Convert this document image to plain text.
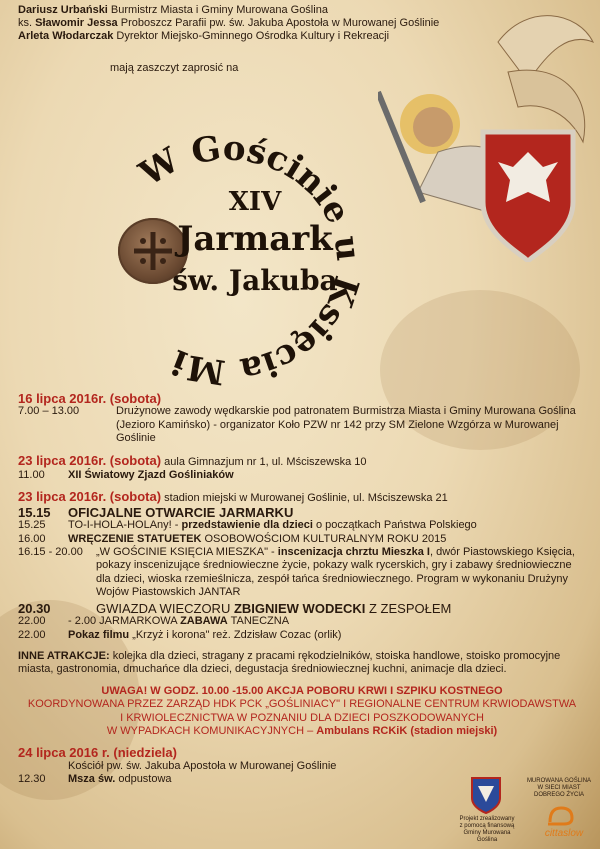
Dariusz Urbański Burmistrz Miasta i Gminy Murowana Goślina
ks. Sławomir Jessa Proboszcz Parafii pw. św. Jakuba Apostoła w Murowanej Goślinie
Arleta Włodarczak Dyrektor Miejsko-Gminnego Ośrodka Kultury i Rekreacji
mają zaszczyt zaprosić na
W Gościnie u Księcia Mi
XIV
Jarmark
św. Jakuba
16 lipca 2016r. (sobota)
7.00 – 13.00	Drużynowe zawody wędkarskie pod patronatem Burmistrza Miasta i Gminy Murowana Goślina (Jezioro Kamińsko) - organizator Koło PZW nr 142 przy SM Zielone Wzgórza w Murowanej Goślinie
23 lipca 2016r. (sobota) aula Gimnazjum nr 1, ul. Mściszewska 10
11.00	XII Światowy Zjazd Gośliniaków
23 lipca 2016r. (sobota) stadion miejski w Murowanej Goślinie, ul. Mściszewska 21
15.15	OFICJALNE OTWARCIE JARMARKU
15.25	TO-I-HOLA-HOLAny! - przedstawienie dla dzieci o początkach Państwa Polskiego
16.00	WRĘCZENIE STATUETEK OSOBOWOŚCIOM KULTURALNYM ROKU 2015
16.15 - 20.00	„W GOŚCINIE KSIĘCIA MIESZKA" - inscenizacja chrztu Mieszka I, dwór Piastowskiego Księcia, pokazy inscenizujące średniowieczne życie, pokazy walk rycerskich, gry i zabawy średniowieczne dla dzieci, wioska rzemieślnicza, zespół tańca średniowiecznego. Program w wykonaniu Drużyny Wojów Piastowskich JANTAR
20.30	GWIAZDA WIECZORU ZBIGNIEW WODECKI Z ZESPOŁEM
22.00	- 2.00 JARMARKOWA ZABAWA TANECZNA
22.00	Pokaz filmu „Krzyż i korona" reż. Zdzisław Cozac (orlik)
INNE ATRAKCJE: kolejka dla dzieci, stragany z pracami rękodzielników, stoiska handlowe, stoisko promocyjne miasta, gastronomia, dmuchańce dla dzieci, degustacja średniowiecznej kuchni, animacje dla dzieci.
UWAGA! W GODZ. 10.00 -15.00 AKCJA POBORU KRWI I SZPIKU KOSTNEGO
KOORDYNOWANA PRZEZ ZARZĄD HDK PCK „GOŚLINIACY" I REGIONALNE CENTRUM KRWIODAWSTWA
I KRWIOLECZNICTWA W POZNANIU DLA DZIECI POSZKODOWANYCH
W WYPADKACH KOMUNIKACYJNYCH – Ambulans RCKiK (stadion miejski)
24 lipca 2016 r. (niedziela)
Kościół pw. św. Jakuba Apostoła w Murowanej Goślinie
12.30	Msza św. odpustowa
Projekt zrealizowany
z pomocą finansową
Gminy Murowana Goślina
MUROWANA GOŚLINA
W SIECI MIAST
DOBREGO ŻYCIA
cittaslow
